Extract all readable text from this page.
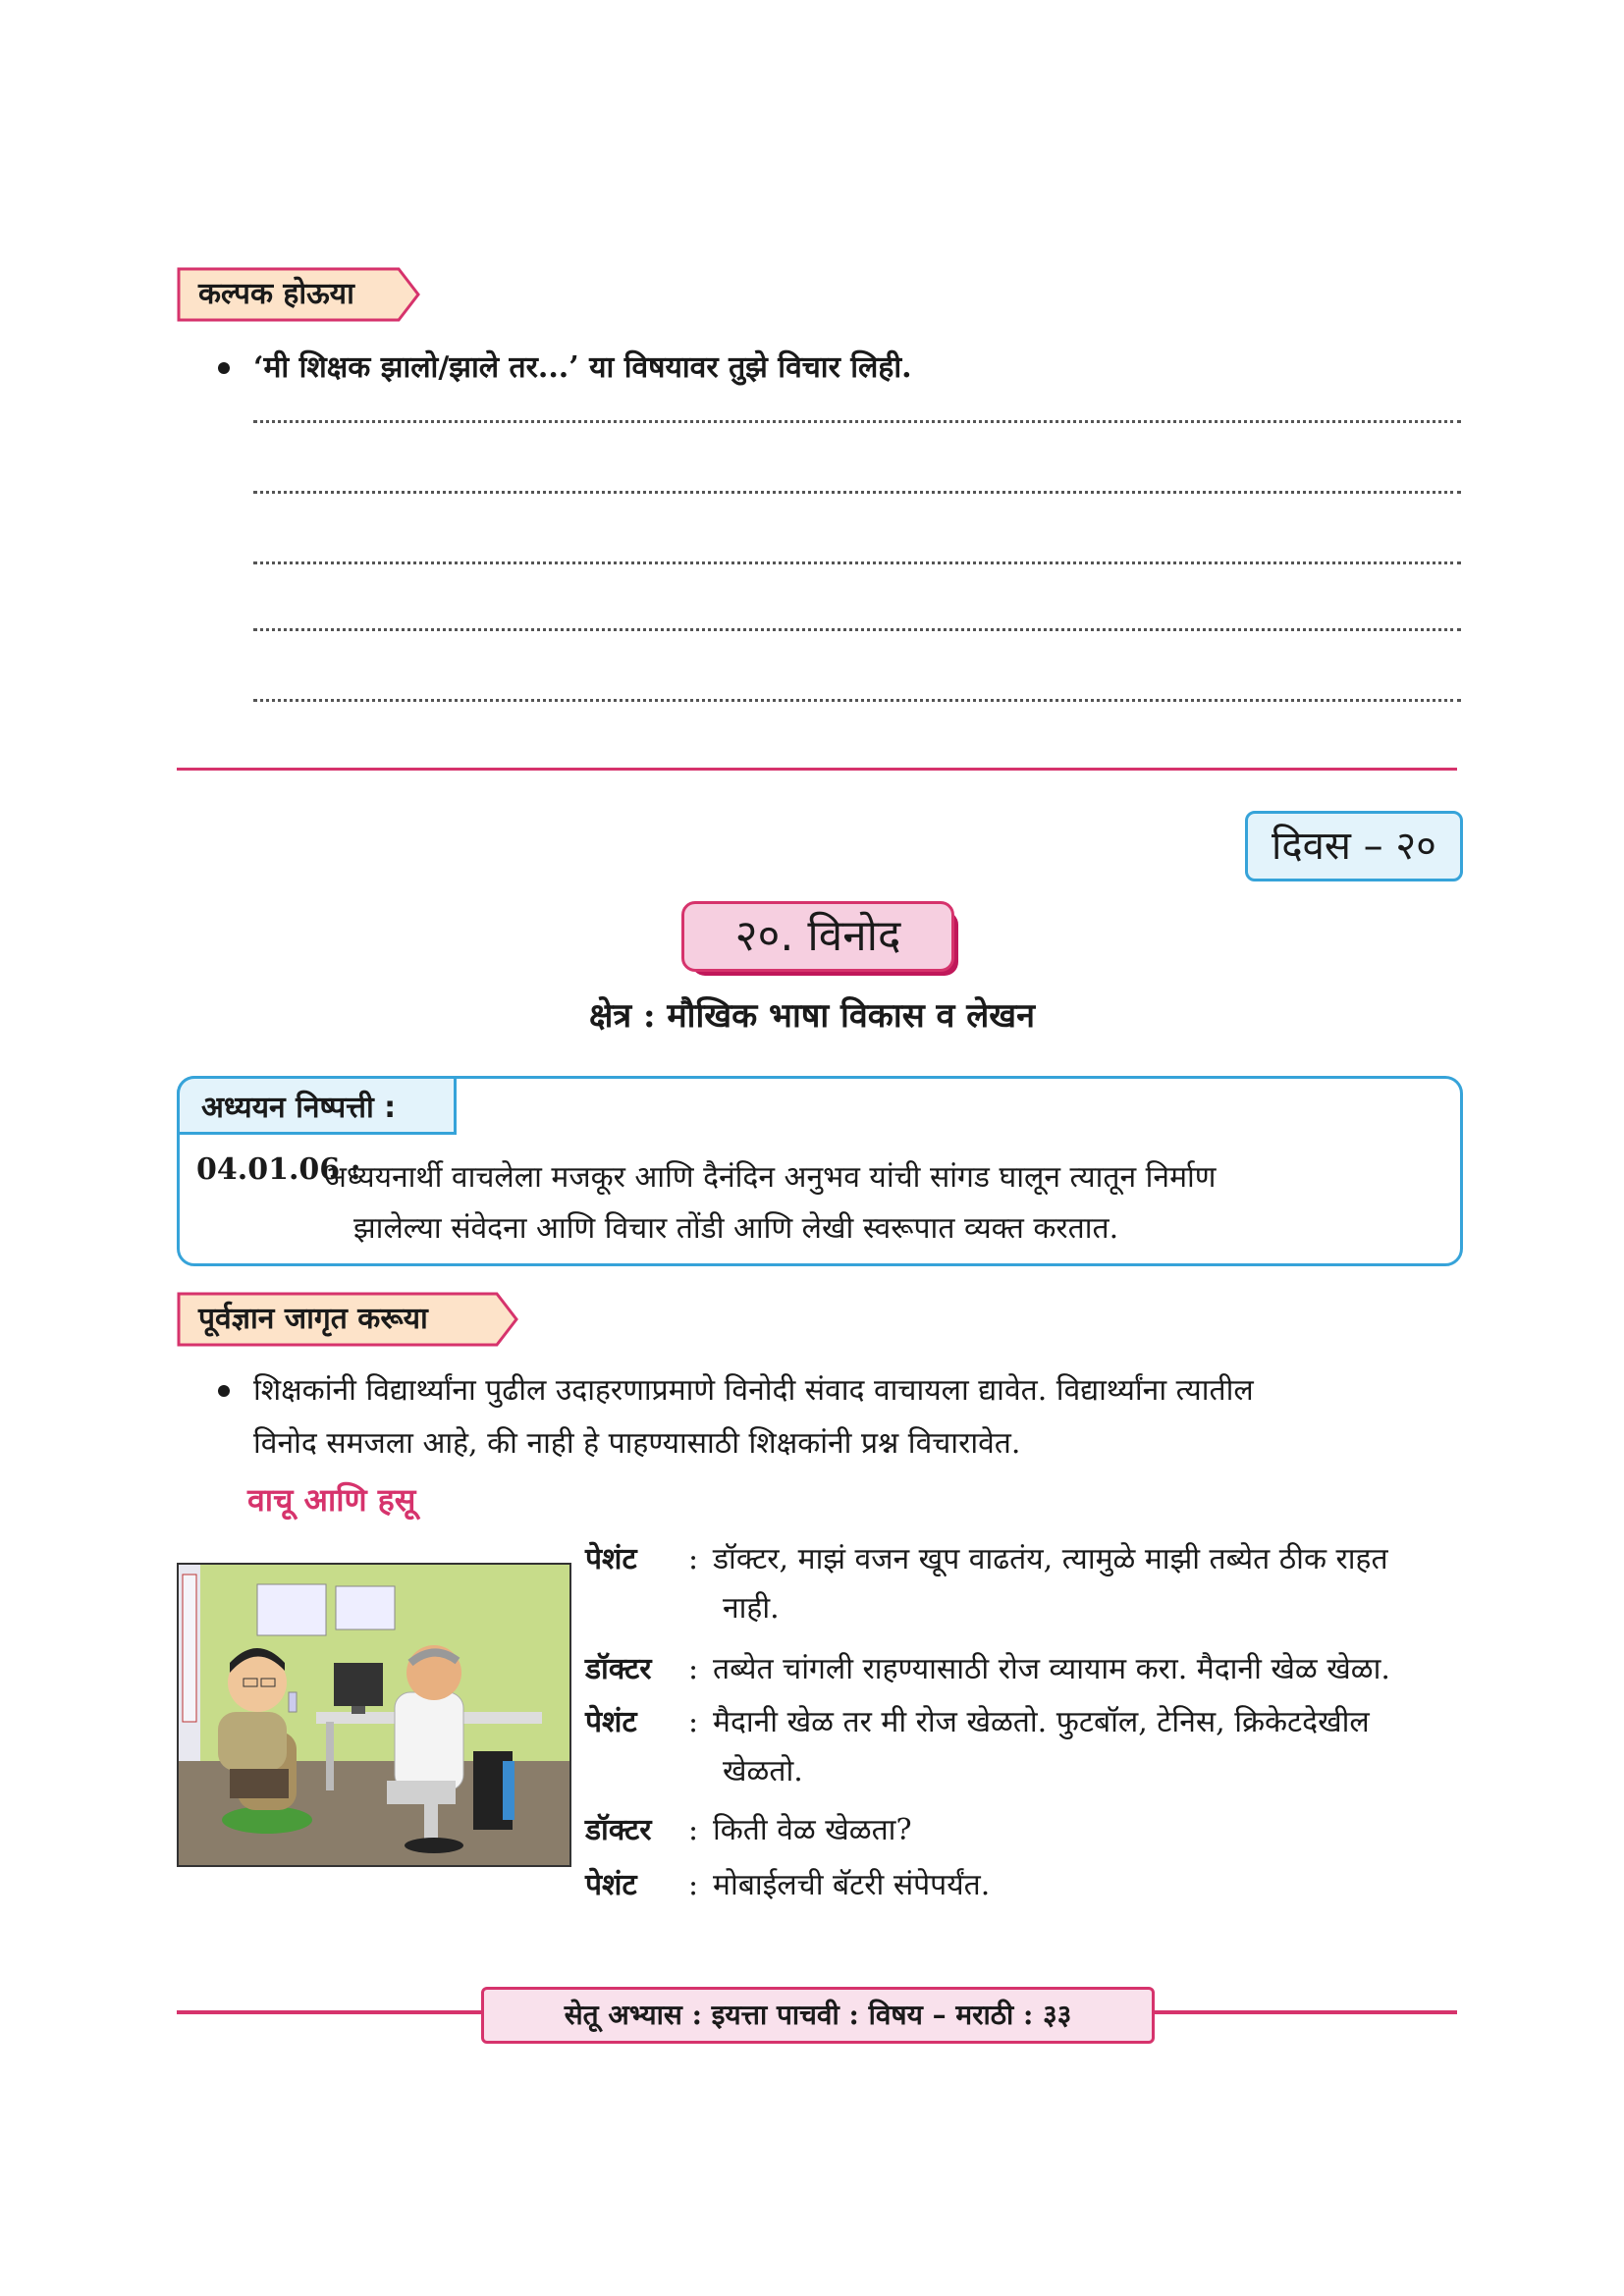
कल्पक होऊया
‘मी शिक्षक झालो/झाले तर...’ या विषयावर तुझे विचार लिही.
दिवस – २०
२०. विनोद
क्षेत्र : मौखिक भाषा विकास व लेखन
अध्ययन निष्पत्ती :
04.01.06 :
अध्ययनार्थी वाचलेला मजकूर आणि दैनंदिन अनुभव यांची सांगड घालून त्यातून निर्माण
झालेल्या संवेदना आणि विचार तोंडी आणि लेखी स्वरूपात व्यक्त करतात.
पूर्वज्ञान जागृत करूया
शिक्षकांनी विद्यार्थ्यांना पुढील उदाहरणाप्रमाणे विनोदी संवाद वाचायला द्यावेत. विद्यार्थ्यांना त्यातील
विनोद समजला आहे, की नाही हे पाहण्यासाठी शिक्षकांनी प्रश्न विचारावेत.
वाचू आणि हसू
पेशंट	: डॉक्टर, माझं वजन खूप वाढतंय, त्यामुळे माझी तब्येत ठीक राहत
नाही.
डॉक्टर	: तब्येत चांगली राहण्यासाठी रोज व्यायाम करा. मैदानी खेळ खेळा.
पेशंट	: मैदानी खेळ तर मी रोज खेळतो. फुटबॉल, टेनिस, क्रिकेटदेखील
खेळतो.
डॉक्टर	: किती वेळ खेळता?
पेशंट	: मोबाईलची बॅटरी संपेपर्यंत.
सेतू अभ्यास : इयत्ता पाचवी : विषय – मराठी : ३३
